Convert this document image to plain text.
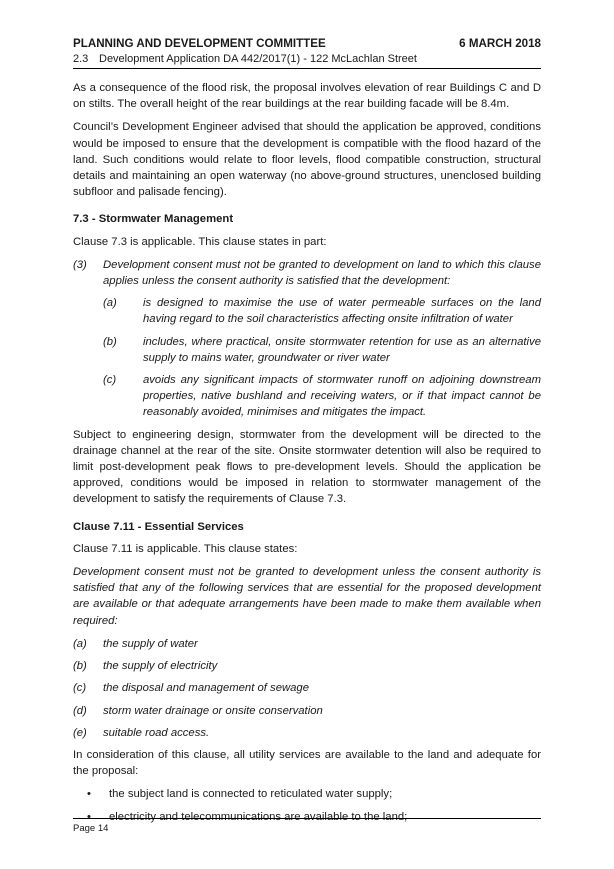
PLANNING AND DEVELOPMENT COMMITTEE	6 MARCH 2018
2.3 Development Application DA 442/2017(1) - 122 McLachlan Street

As a consequence of the flood risk, the proposal involves elevation of rear Buildings C and D on stilts. The overall height of the rear buildings at the rear building facade will be 8.4m.

Council’s Development Engineer advised that should the application be approved, conditions would be imposed to ensure that the development is compatible with the flood hazard of the land. Such conditions would relate to floor levels, flood compatible construction, structural details and maintaining an open waterway (no above-ground structures, unenclosed building subfloor and palisade fencing).

7.3 - Stormwater Management

Clause 7.3 is applicable. This clause states in part:

(3)	Development consent must not be granted to development on land to which this clause applies unless the consent authority is satisfied that the development:
(a)	is designed to maximise the use of water permeable surfaces on the land having regard to the soil characteristics affecting onsite infiltration of water
(b)	includes, where practical, onsite stormwater retention for use as an alternative supply to mains water, groundwater or river water
(c)	avoids any significant impacts of stormwater runoff on adjoining downstream properties, native bushland and receiving waters, or if that impact cannot be reasonably avoided, minimises and mitigates the impact.

Subject to engineering design, stormwater from the development will be directed to the drainage channel at the rear of the site. Onsite stormwater detention will also be required to limit post-development peak flows to pre-development levels. Should the application be approved, conditions would be imposed in relation to stormwater management of the development to satisfy the requirements of Clause 7.3.

Clause 7.11 - Essential Services

Clause 7.11 is applicable. This clause states:

Development consent must not be granted to development unless the consent authority is satisfied that any of the following services that are essential for the proposed development are available or that adequate arrangements have been made to make them available when required:

(a)	the supply of water
(b)	the supply of electricity
(c)	the disposal and management of sewage
(d)	storm water drainage or onsite conservation
(e)	suitable road access.

In consideration of this clause, all utility services are available to the land and adequate for the proposal:

•	the subject land is connected to reticulated water supply;
•	electricity and telecommunications are available to the land;
Page 14
